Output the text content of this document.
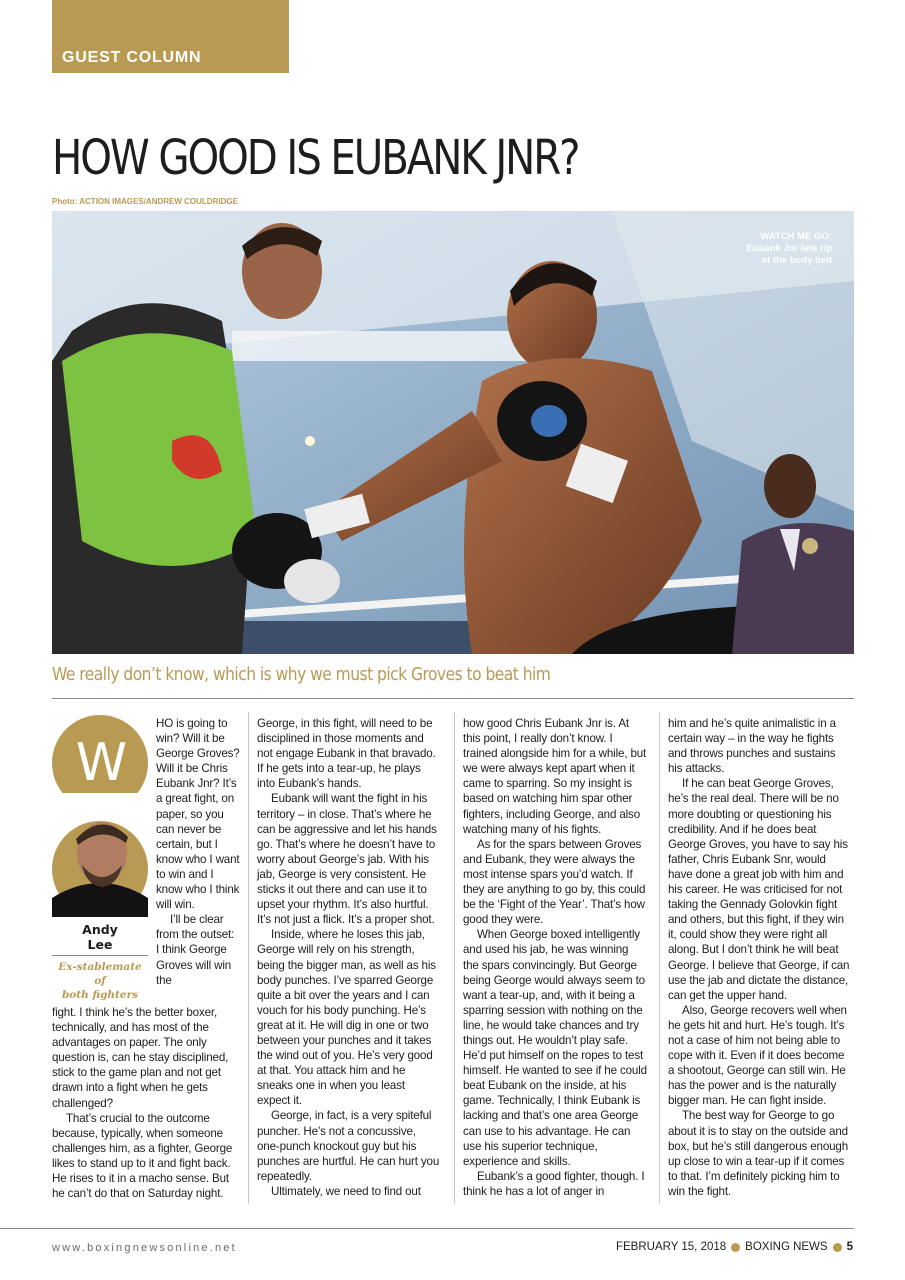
GUEST COLUMN
HOW GOOD IS EUBANK JNR?
Photo: ACTION IMAGES/ANDREW COULDRIDGE
WATCH ME GO:
Eubank Jnr lets rip
at the body belt
We really don’t know, which is why we must pick Groves to beat him
W
Andy
Lee
Ex-stablemate of
both fighters

HO is going to win? Will it be George Groves? Will it be Chris Eubank Jnr? It’s a great fight, on paper, so you can never be certain, but I know who I want to win and I know who I think will win.

I’ll be clear from the outset: I think George Groves will win the

fight. I think he’s the better boxer, technically, and has most of the advantages on paper. The only question is, can he stay disciplined, stick to the game plan and not get drawn into a fight when he gets challenged?

That’s crucial to the outcome because, typically, when someone challenges him, as a fighter, George likes to stand up to it and fight back. He rises to it in a macho sense. But he can’t do that on Saturday night.

George, in this fight, will need to be disciplined in those moments and not engage Eubank in that bravado. If he gets into a tear-up, he plays into Eubank’s hands.

Eubank will want the fight in his territory – in close. That’s where he can be aggressive and let his hands go. That’s where he doesn’t have to worry about George’s jab. With his jab, George is very consistent. He sticks it out there and can use it to upset your rhythm. It’s also hurtful. It’s not just a flick. It’s a proper shot.

Inside, where he loses this jab, George will rely on his strength, being the bigger man, as well as his body punches. I’ve sparred George quite a bit over the years and I can vouch for his body punching. He’s great at it. He will dig in one or two between your punches and it takes the wind out of you. He’s very good at that. You attack him and he sneaks one in when you least expect it.

George, in fact, is a very spiteful puncher. He’s not a concussive, one-punch knockout guy but his punches are hurtful. He can hurt you repeatedly.

Ultimately, we need to find out

how good Chris Eubank Jnr is. At this point, I really don’t know. I trained alongside him for a while, but we were always kept apart when it came to sparring. So my insight is based on watching him spar other fighters, including George, and also watching many of his fights.

As for the spars between Groves and Eubank, they were always the most intense spars you’d watch. If they are anything to go by, this could be the ‘Fight of the Year’. That’s how good they were.

When George boxed intelligently and used his jab, he was winning the spars convincingly. But George being George would always seem to want a tear-up, and, with it being a sparring session with nothing on the line, he would take chances and try things out. He wouldn’t play safe. He’d put himself on the ropes to test himself. He wanted to see if he could beat Eubank on the inside, at his game. Technically, I think Eubank is lacking and that’s one area George can use to his advantage. He can use his superior technique, experience and skills.

Eubank’s a good fighter, though. I think he has a lot of anger in

him and he’s quite animalistic in a certain way – in the way he fights and throws punches and sustains his attacks.

If he can beat George Groves, he’s the real deal. There will be no more doubting or questioning his credibility. And if he does beat George Groves, you have to say his father, Chris Eubank Snr, would have done a great job with him and his career. He was criticised for not taking the Gennady Golovkin fight and others, but this fight, if they win it, could show they were right all along. But I don’t think he will beat George. I believe that George, if can use the jab and dictate the distance, can get the upper hand.

Also, George recovers well when he gets hit and hurt. He’s tough. It’s not a case of him not being able to cope with it. Even if it does become a shootout, George can still win. He has the power and is the naturally bigger man. He can fight inside.

The best way for George to go about it is to stay on the outside and box, but he’s still dangerous enough up close to win a tear-up if it comes to that. I’m definitely picking him to win the fight.

www.boxingnewsonline.net	FEBRUARY 15, 2018 BOXING NEWS 5
